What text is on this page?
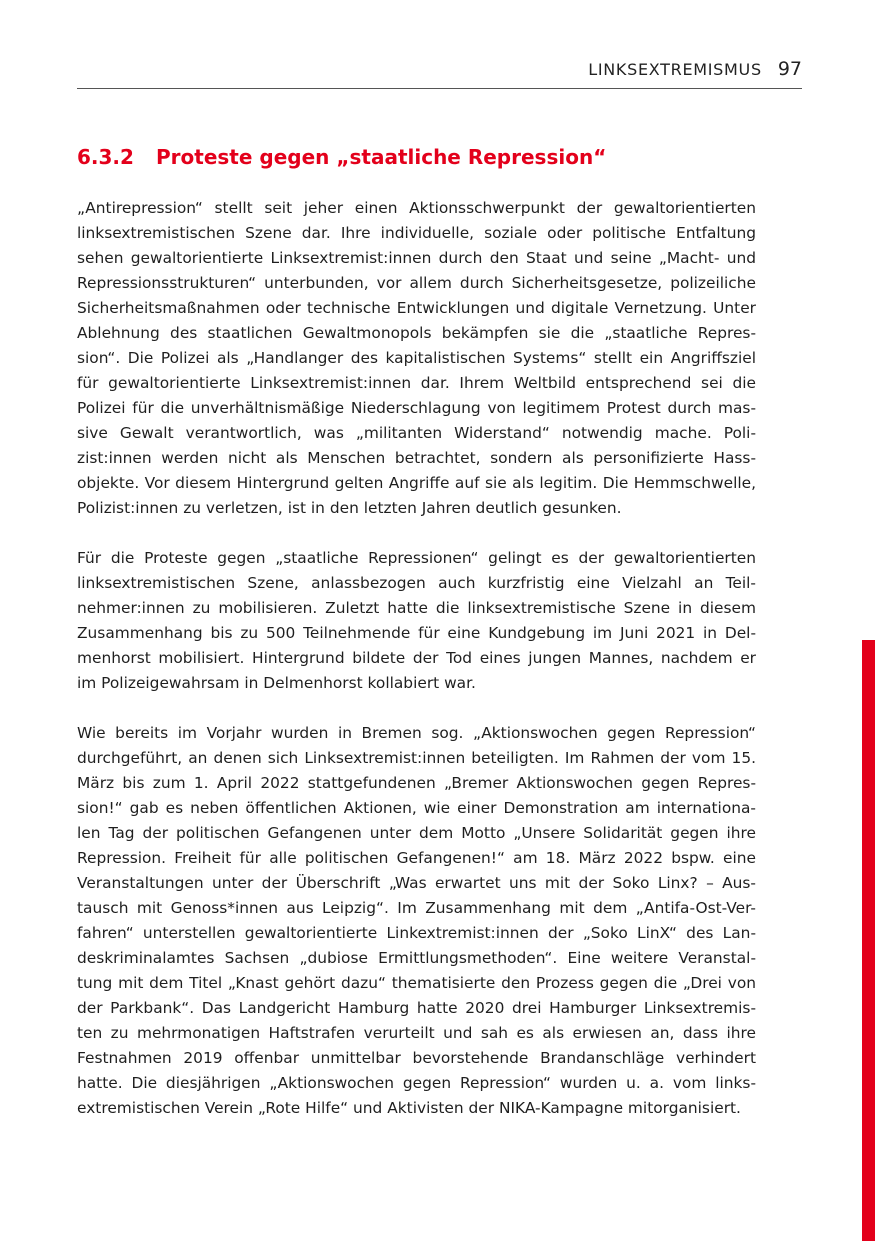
LINKSEXTREMISMUS 97
6.3.2 Proteste gegen „staatliche Repression“
„Antirepression“ stellt seit jeher einen Aktionsschwerpunkt der gewaltorientierten
linksextremistischen Szene dar. Ihre individuelle, soziale oder politische Entfaltung
sehen gewaltorientierte Linksextremist:innen durch den Staat und seine „Macht- und
Repressionsstrukturen“ unterbunden, vor allem durch Sicherheitsgesetze, polizeiliche
Sicherheitsmaßnahmen oder technische Entwicklungen und digitale Vernetzung. Unter
Ablehnung des staatlichen Gewaltmonopols bekämpfen sie die „staatliche Repres-
sion“. Die Polizei als „Handlanger des kapitalistischen Systems“ stellt ein Angriffsziel
für gewaltorientierte Linksextremist:innen dar. Ihrem Weltbild entsprechend sei die
Polizei für die unverhältnismäßige Niederschlagung von legitimem Protest durch mas-
sive Gewalt verantwortlich, was „militanten Widerstand“ notwendig mache. Poli-
zist:innen werden nicht als Menschen betrachtet, sondern als personifizierte Hass-
objekte. Vor diesem Hintergrund gelten Angriffe auf sie als legitim. Die Hemmschwelle,
Polizist:innen zu verletzen, ist in den letzten Jahren deutlich gesunken.
Für die Proteste gegen „staatliche Repressionen“ gelingt es der gewaltorientierten
linksextremistischen Szene, anlassbezogen auch kurzfristig eine Vielzahl an Teil-
nehmer:innen zu mobilisieren. Zuletzt hatte die linksextremistische Szene in diesem
Zusammenhang bis zu 500 Teilnehmende für eine Kundgebung im Juni 2021 in Del-
menhorst mobilisiert. Hintergrund bildete der Tod eines jungen Mannes, nachdem er
im Polizeigewahrsam in Delmenhorst kollabiert war.
Wie bereits im Vorjahr wurden in Bremen sog. „Aktionswochen gegen Repression“
durchgeführt, an denen sich Linksextremist:innen beteiligten. Im Rahmen der vom 15.
März bis zum 1. April 2022 stattgefundenen „Bremer Aktionswochen gegen Repres-
sion!“ gab es neben öffentlichen Aktionen, wie einer Demonstration am internationa-
len Tag der politischen Gefangenen unter dem Motto „Unsere Solidarität gegen ihre
Repression. Freiheit für alle politischen Gefangenen!“ am 18. März 2022 bspw. eine
Veranstaltungen unter der Überschrift „Was erwartet uns mit der Soko Linx? – Aus-
tausch mit Genoss*innen aus Leipzig“. Im Zusammenhang mit dem „Antifa-Ost-Ver-
fahren“ unterstellen gewaltorientierte Linkextremist:innen der „Soko LinX“ des Lan-
deskriminalamtes Sachsen „dubiose Ermittlungsmethoden“. Eine weitere Veranstal-
tung mit dem Titel „Knast gehört dazu“ thematisierte den Prozess gegen die „Drei von
der Parkbank“. Das Landgericht Hamburg hatte 2020 drei Hamburger Linksextremis-
ten zu mehrmonatigen Haftstrafen verurteilt und sah es als erwiesen an, dass ihre
Festnahmen 2019 offenbar unmittelbar bevorstehende Brandanschläge verhindert
hatte. Die diesjährigen „Aktionswochen gegen Repression“ wurden u. a. vom links-
extremistischen Verein „Rote Hilfe“ und Aktivisten der NIKA-Kampagne mitorganisiert.
